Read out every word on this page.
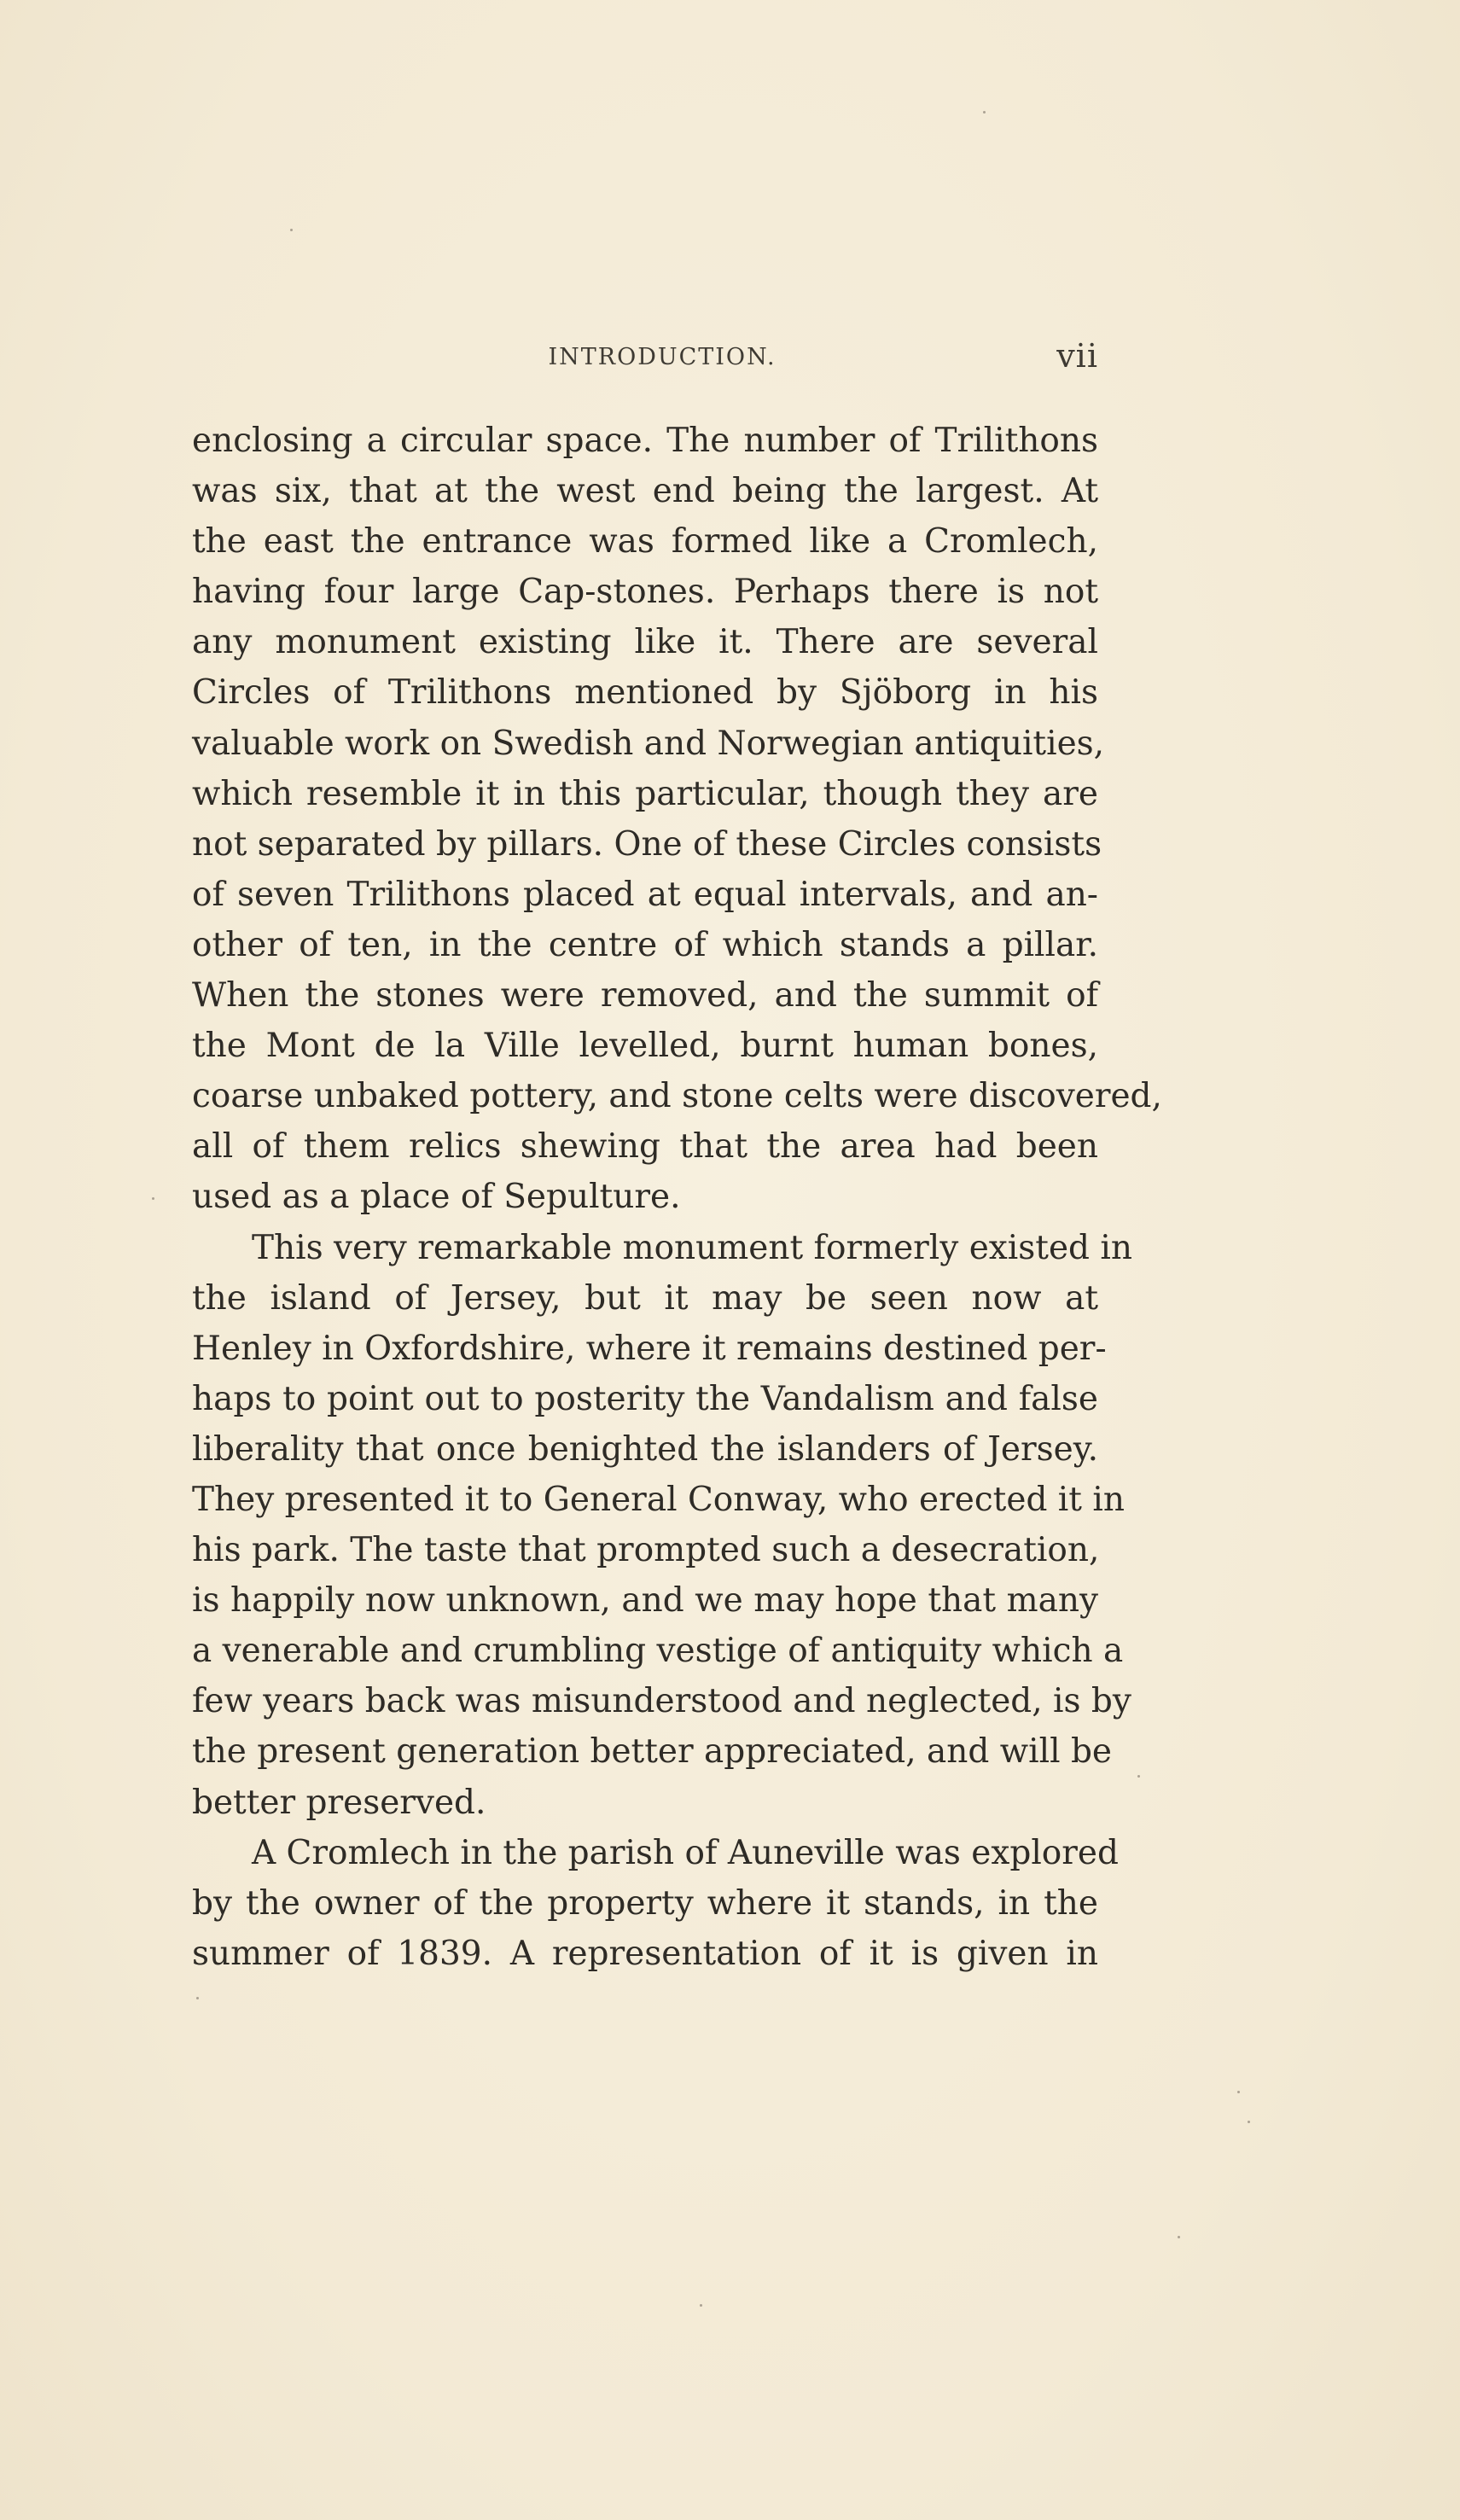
INTRODUCTION.	vii
enclosing a circular space. The number of Trilithons
was six, that at the west end being the largest. At
the east the entrance was formed like a Cromlech,
having four large Cap-stones. Perhaps there is not
any monument existing like it. There are several
Circles of Trilithons mentioned by Sjöborg in his
valuable work on Swedish and Norwegian antiquities,
which resemble it in this particular, though they are
not separated by pillars. One of these Circles consists
of seven Trilithons placed at equal intervals, and an-
other of ten, in the centre of which stands a pillar.
When the stones were removed, and the summit of
the Mont de la Ville levelled, burnt human bones,
coarse unbaked pottery, and stone celts were discovered,
all of them relics shewing that the area had been
used as a place of Sepulture.
This very remarkable monument formerly existed in
the island of Jersey, but it may be seen now at
Henley in Oxfordshire, where it remains destined per-
haps to point out to posterity the Vandalism and false
liberality that once benighted the islanders of Jersey.
They presented it to General Conway, who erected it in
his park. The taste that prompted such a desecration,
is happily now unknown, and we may hope that many
a venerable and crumbling vestige of antiquity which a
few years back was misunderstood and neglected, is by
the present generation better appreciated, and will be
better preserved.
A Cromlech in the parish of Auneville was explored
by the owner of the property where it stands, in the
summer of 1839. A representation of it is given in
